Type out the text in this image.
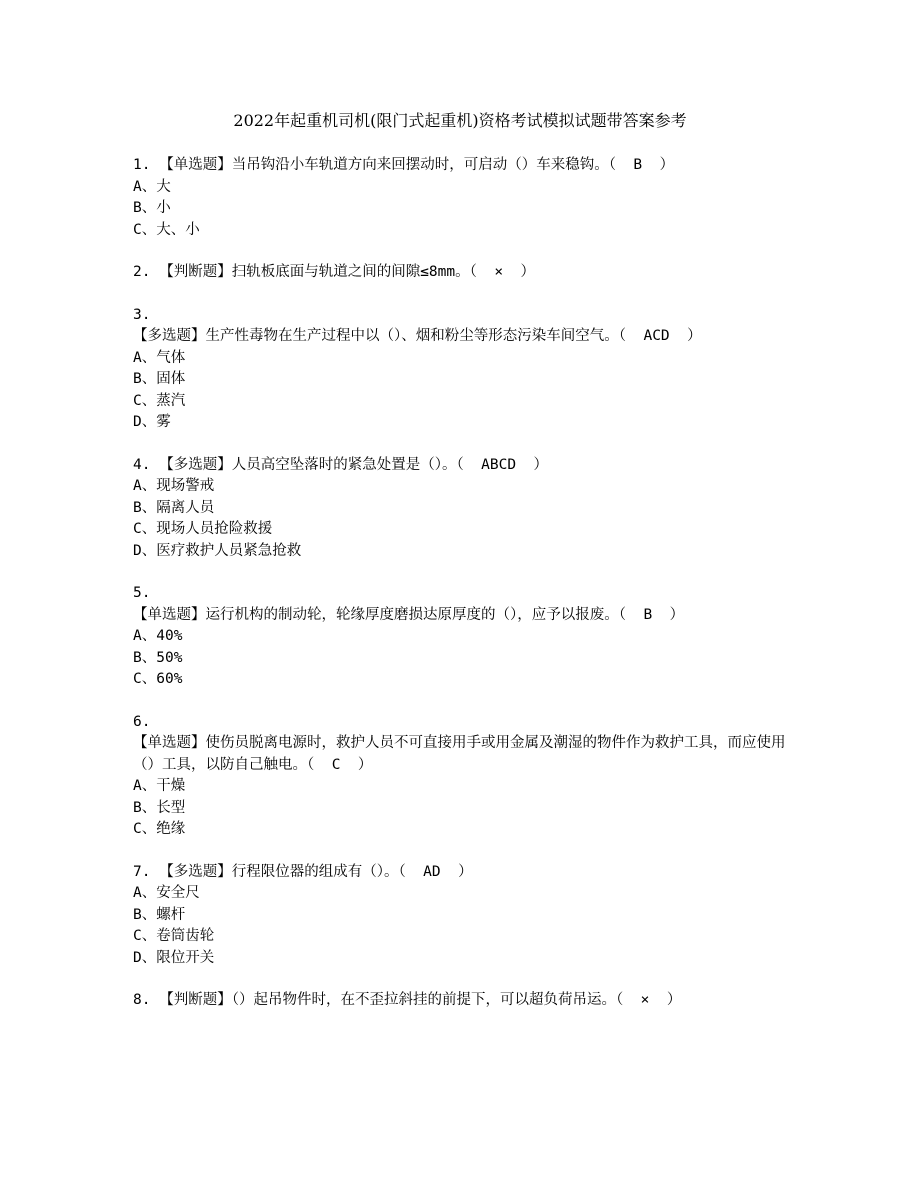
2022年起重机司机(限门式起重机)资格考试模拟试题带答案参考
1. 【单选题】当吊钩沿小车轨道方向来回摆动时，可启动（）车来稳钩。（  B  ）
A、大
B、小
C、大、小
2. 【判断题】扫轨板底面与轨道之间的间隙≤8mm。（  ×  ）
3.
【多选题】生产性毒物在生产过程中以（）、烟和粉尘等形态污染车间空气。（  ACD  ）
A、气体
B、固体
C、蒸汽
D、雾
4. 【多选题】人员高空坠落时的紧急处置是（）。（  ABCD  ）
A、现场警戒
B、隔离人员
C、现场人员抢险救援
D、医疗救护人员紧急抢救
5.
【单选题】运行机构的制动轮，轮缘厚度磨损达原厚度的（），应予以报废。（  B  ）
A、40%
B、50%
C、60%
6.
【单选题】使伤员脱离电源时，救护人员不可直接用手或用金属及潮湿的物件作为救护工具，而应使用（）工具，以防自己触电。（  C  ）
A、干燥
B、长型
C、绝缘
7. 【多选题】行程限位器的组成有（）。（  AD  ）
A、安全尺
B、螺杆
C、卷筒齿轮
D、限位开关
8. 【判断题】（）起吊物件时，在不歪拉斜挂的前提下，可以超负荷吊运。（  ×  ）
